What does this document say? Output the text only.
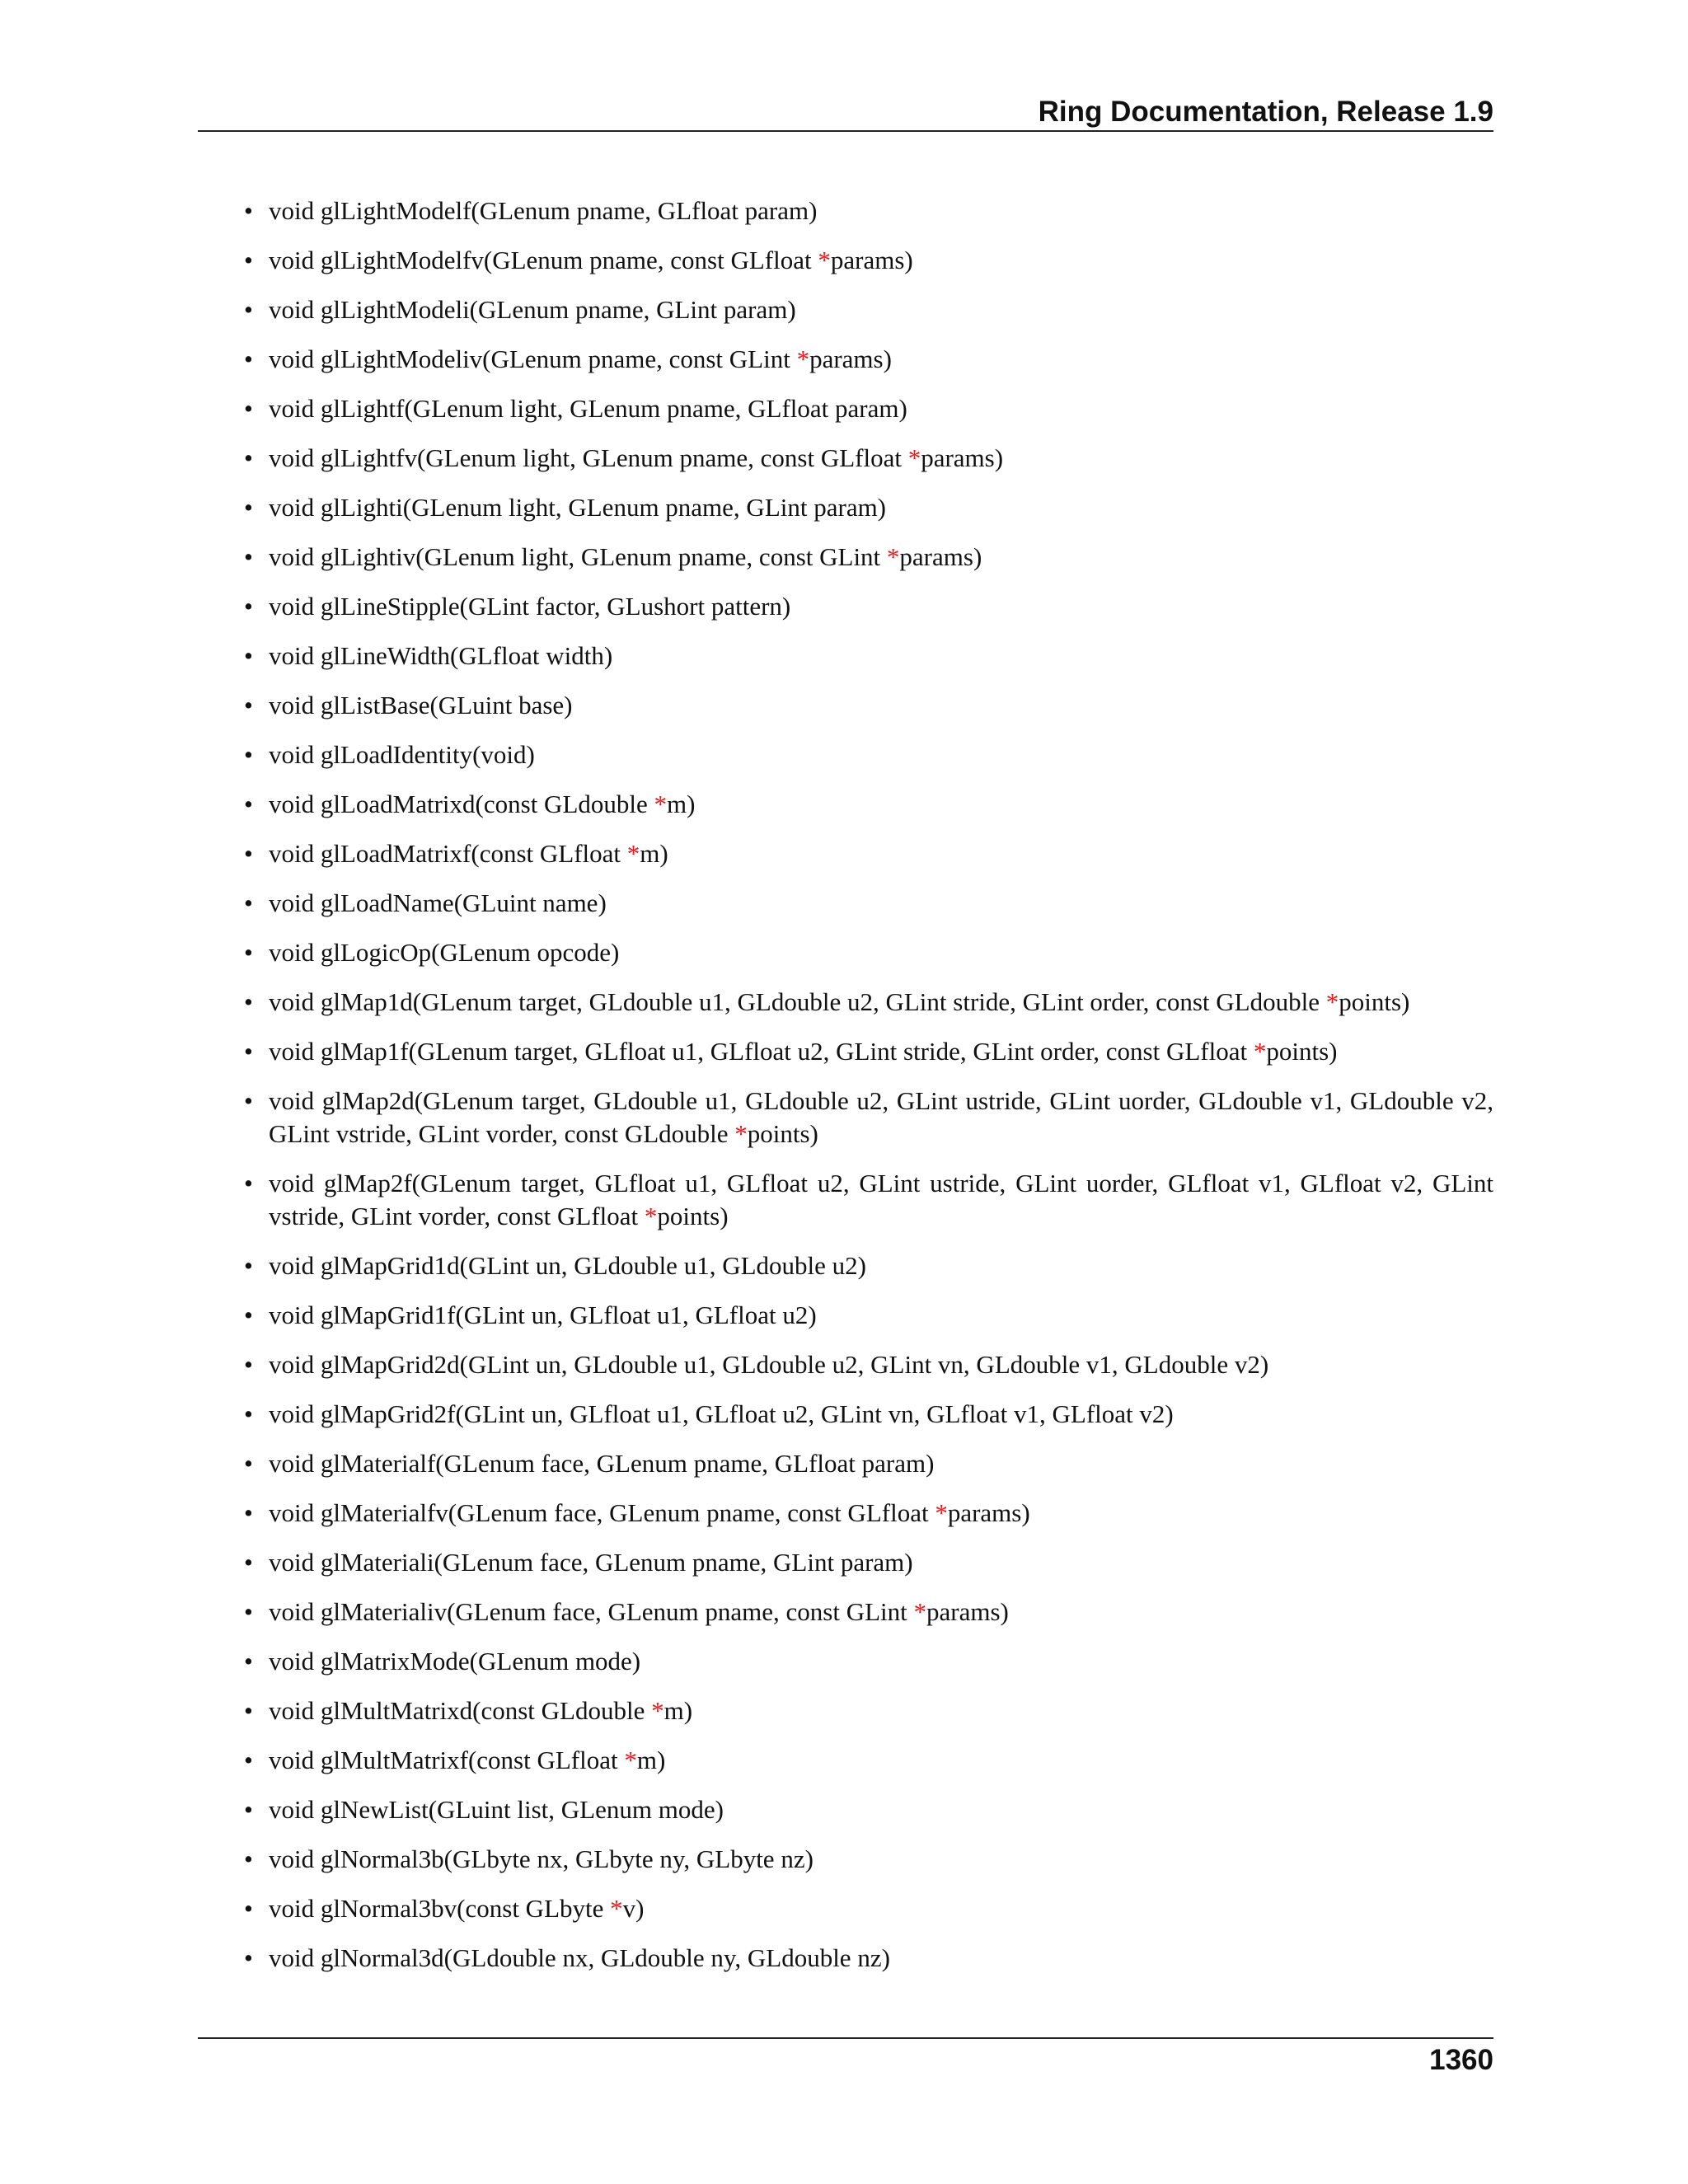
Ring Documentation, Release 1.9
• void glLightModelf(GLenum pname, GLfloat param)
• void glLightModelfv(GLenum pname, const GLfloat *params)
• void glLightModeli(GLenum pname, GLint param)
• void glLightModeliv(GLenum pname, const GLint *params)
• void glLightf(GLenum light, GLenum pname, GLfloat param)
• void glLightfv(GLenum light, GLenum pname, const GLfloat *params)
• void glLighti(GLenum light, GLenum pname, GLint param)
• void glLightiv(GLenum light, GLenum pname, const GLint *params)
• void glLineStipple(GLint factor, GLushort pattern)
• void glLineWidth(GLfloat width)
• void glListBase(GLuint base)
• void glLoadIdentity(void)
• void glLoadMatrixd(const GLdouble *m)
• void glLoadMatrixf(const GLfloat *m)
• void glLoadName(GLuint name)
• void glLogicOp(GLenum opcode)
• void glMap1d(GLenum target, GLdouble u1, GLdouble u2, GLint stride, GLint order, const GLdouble *points)
• void glMap1f(GLenum target, GLfloat u1, GLfloat u2, GLint stride, GLint order, const GLfloat *points)
• void glMap2d(GLenum target, GLdouble u1, GLdouble u2, GLint ustride, GLint uorder, GLdouble v1, GLdouble v2, GLint vstride, GLint vorder, const GLdouble *points)
• void glMap2f(GLenum target, GLfloat u1, GLfloat u2, GLint ustride, GLint uorder, GLfloat v1, GLfloat v2, GLint vstride, GLint vorder, const GLfloat *points)
• void glMapGrid1d(GLint un, GLdouble u1, GLdouble u2)
• void glMapGrid1f(GLint un, GLfloat u1, GLfloat u2)
• void glMapGrid2d(GLint un, GLdouble u1, GLdouble u2, GLint vn, GLdouble v1, GLdouble v2)
• void glMapGrid2f(GLint un, GLfloat u1, GLfloat u2, GLint vn, GLfloat v1, GLfloat v2)
• void glMaterialf(GLenum face, GLenum pname, GLfloat param)
• void glMaterialfv(GLenum face, GLenum pname, const GLfloat *params)
• void glMateriali(GLenum face, GLenum pname, GLint param)
• void glMaterialiv(GLenum face, GLenum pname, const GLint *params)
• void glMatrixMode(GLenum mode)
• void glMultMatrixd(const GLdouble *m)
• void glMultMatrixf(const GLfloat *m)
• void glNewList(GLuint list, GLenum mode)
• void glNormal3b(GLbyte nx, GLbyte ny, GLbyte nz)
• void glNormal3bv(const GLbyte *v)
• void glNormal3d(GLdouble nx, GLdouble ny, GLdouble nz)
1360
